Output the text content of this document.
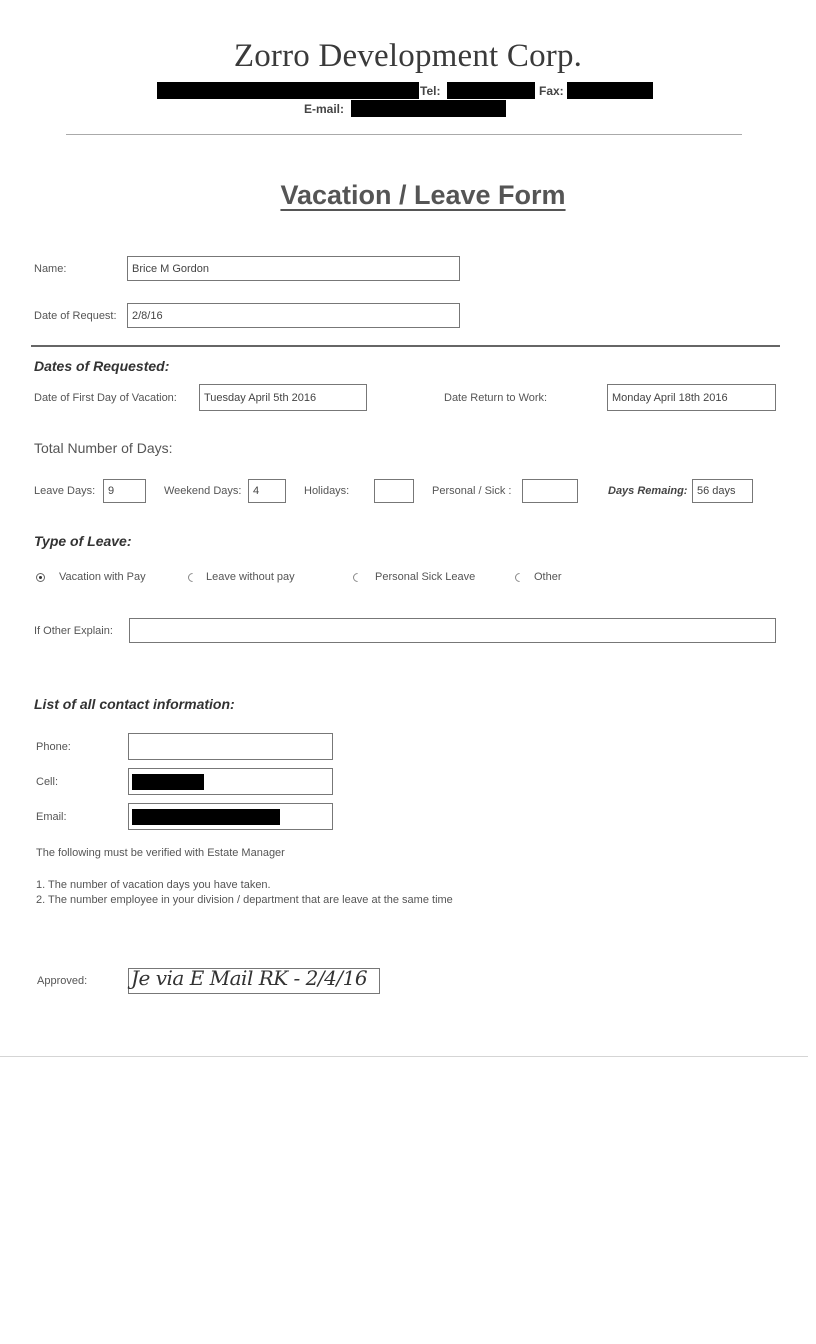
Zorro Development Corp.
Tel:	Fax:
E-mail:
Vacation / Leave Form
Name:	Brice M Gordon
Date of Request:	2/8/16
Dates of Requested:
Date of First Day of Vacation:	Tuesday April 5th 2016	Date Return to Work:	Monday April 18th 2016
Total Number of Days:
Leave Days:	9	Weekend Days:	4	Holidays:	Personal / Sick :	Days Remaing: 56 days
Type of Leave:
Vacation with Pay	Leave without pay	Personal Sick Leave	Other
If Other Explain:
List of all contact information:
Phone:
Cell:
Email:
The following must be verified with Estate Manager
1. The number of vacation days you have taken.
2. The number employee in your division / department that are leave at the same time
Approved: Je via E Mail RK - 2/4/16
